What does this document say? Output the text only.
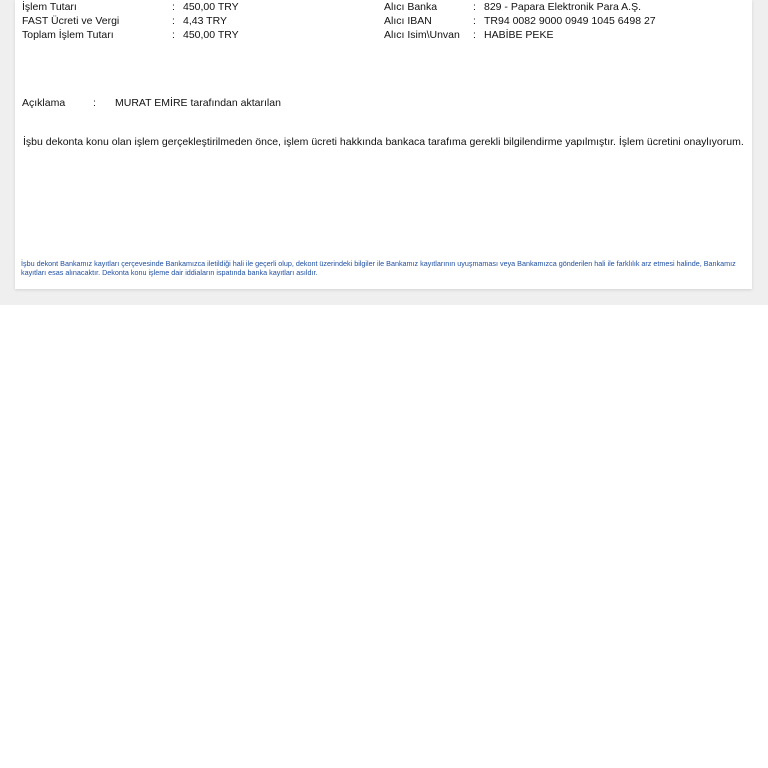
İşlem Tutarı	: 450,00 TRY
FAST Ücreti ve Vergi	: 4,43 TRY
Toplam İşlem Tutarı	: 450,00 TRY
Alıcı Banka	: 829 - Papara Elektronik Para A.Ş.
Alıcı IBAN	: TR94 0082 9000 0949 1045 6498 27
Alıcı Isim\Unvan : HABİBE PEKE
Açıklama	: MURAT EMİRE tarafından aktarılan
İşbu dekonta konu olan işlem gerçekleştirilmeden önce, işlem ücreti hakkında bankaca tarafıma gerekli bilgilendirme yapılmıştır. İşlem ücretini onaylıyorum.
İşbu dekont Bankamız kayıtları çerçevesinde Bankamızca iletildiği hali ile geçerli olup, dekont üzerindeki bilgiler ile Bankamız kayıtlarının uyuşmaması veya Bankamızca gönderilen hali ile farklılık arz etmesi halinde, Bankamız kayıtları esas alınacaktır. Dekonta konu işleme dair iddiaların ispatında banka kayıtları asıldır.
